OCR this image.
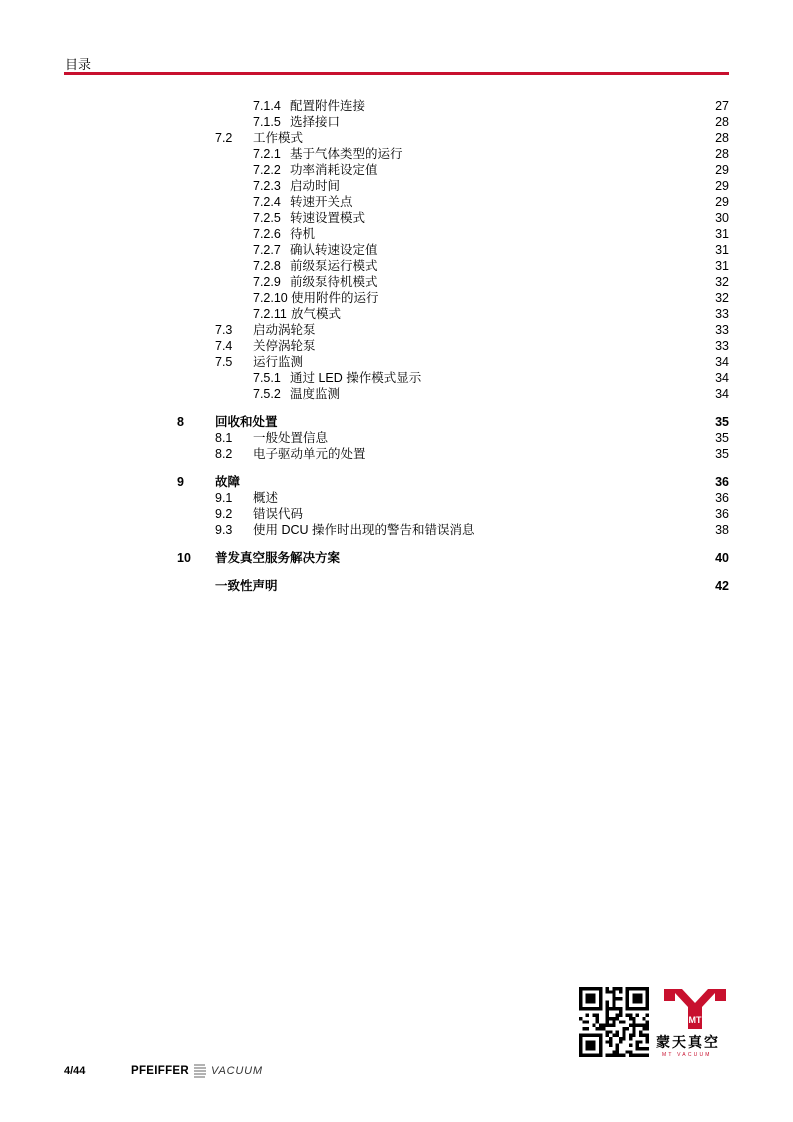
目录
7.1.4 配置附件连接	27
7.1.5 选择接口	28
7.2 工作模式	28
7.2.1 基于气体类型的运行	28
7.2.2 功率消耗设定值	29
7.2.3 启动时间	29
7.2.4 转速开关点	29
7.2.5 转速设置模式	30
7.2.6 待机	31
7.2.7 确认转速设定值	31
7.2.8 前级泵运行模式	31
7.2.9 前级泵待机模式	32
7.2.10 使用附件的运行	32
7.2.11 放气模式	33
7.3 启动涡轮泵	33
7.4 关停涡轮泵	33
7.5 运行监测	34
7.5.1 通过 LED 操作模式显示	34
7.5.2 温度监测	34
8 回收和处置	35
8.1 一般处置信息	35
8.2 电子驱动单元的处置	35
9 故障	36
9.1 概述	36
9.2 错误代码	36
9.3 使用 DCU 操作时出现的警告和错误消息	38
10 普发真空服务解决方案	40
一致性声明	42
4/44	PFEIFFER VACUUM
MT
蒙天真空
MT VACUUM
